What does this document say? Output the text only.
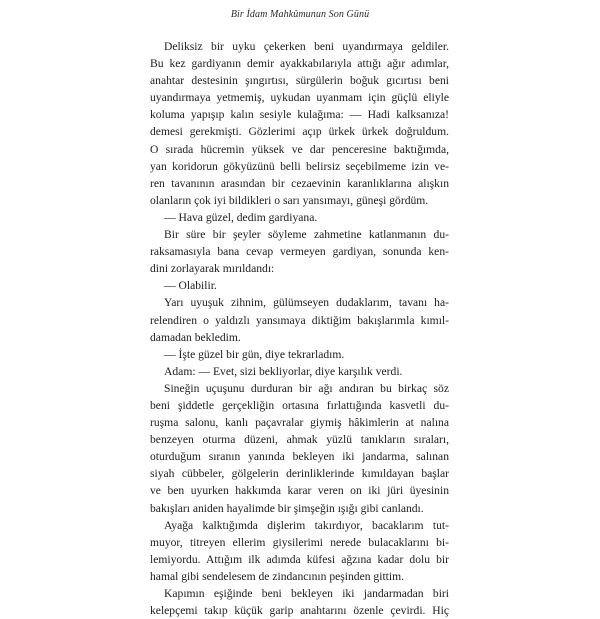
Bir İdam Mahkûmunun Son Günü
Deliksiz bir uyku çekerken beni uyandırmaya geldiler.
Bu kez gardiyanın demir ayakkabılarıyla attığı ağır adımlar,
anahtar destesinin şıngırtısı, sürgülerin boğuk gıcırtısı beni
uyandırmaya yetmemiş, uykudan uyanmam için güçlü eliyle
koluma yapışıp kalın sesiyle kulağıma: — Hadi kalksanıza!
demesi gerekmişti. Gözlerimi açıp ürkek ürkek doğruldum.
O sırada hücremin yüksek ve dar penceresine baktığımda,
yan koridorun gökyüzünü belli belirsiz seçebilmeme izin ve-
ren tavanının arasından bir cezaevinin karanlıklarına alışkın
olanların çok iyi bildikleri o sarı yansımayı, güneşi gördüm.
— Hava güzel, dedim gardiyana.
Bir süre bir şeyler söyleme zahmetine katlanmanın du-
raksamasıyla bana cevap vermeyen gardiyan, sonunda ken-
dini zorlayarak mırıldandı:
— Olabilir.
Yarı uyuşuk zihnim, gülümseyen dudaklarım, tavanı ha-
relendiren o yaldızlı yansımaya diktiğim bakışlarımla kımıl-
damadan bekledim.
— İşte güzel bir gün, diye tekrarladım.
Adam: — Evet, sizi bekliyorlar, diye karşılık verdi.
Sineğin uçuşunu durduran bir ağı andıran bu birkaç söz
beni şiddetle gerçekliğin ortasına fırlattığında kasvetli du-
ruşma salonu, kanlı paçavralar giymiş hâkimlerin at nalına
benzeyen oturma düzeni, ahmak yüzlü tanıkların sıraları,
oturduğum sıranın yanında bekleyen iki jandarma, salınan
siyah cübbeler, gölgelerin derinliklerinde kımıldayan başlar
ve ben uyurken hakkımda karar veren on iki jüri üyesinin
bakışları aniden hayalimde bir şimşeğin ışığı gibi canlandı.
Ayağa kalktığımda dişlerim takırdıyor, bacaklarım tut-
muyor, titreyen ellerim giysilerimi nerede bulacaklarını bi-
lemiyordu. Attığım ilk adımda küfesi ağzına kadar dolu bir
hamal gibi sendelesem de zindancının peşinden gittim.
Kapımın eşiğinde beni bekleyen iki jandarmadan biri
kelepçemi takıp küçük garip anahtarını özenle çevirdi. Hiç
